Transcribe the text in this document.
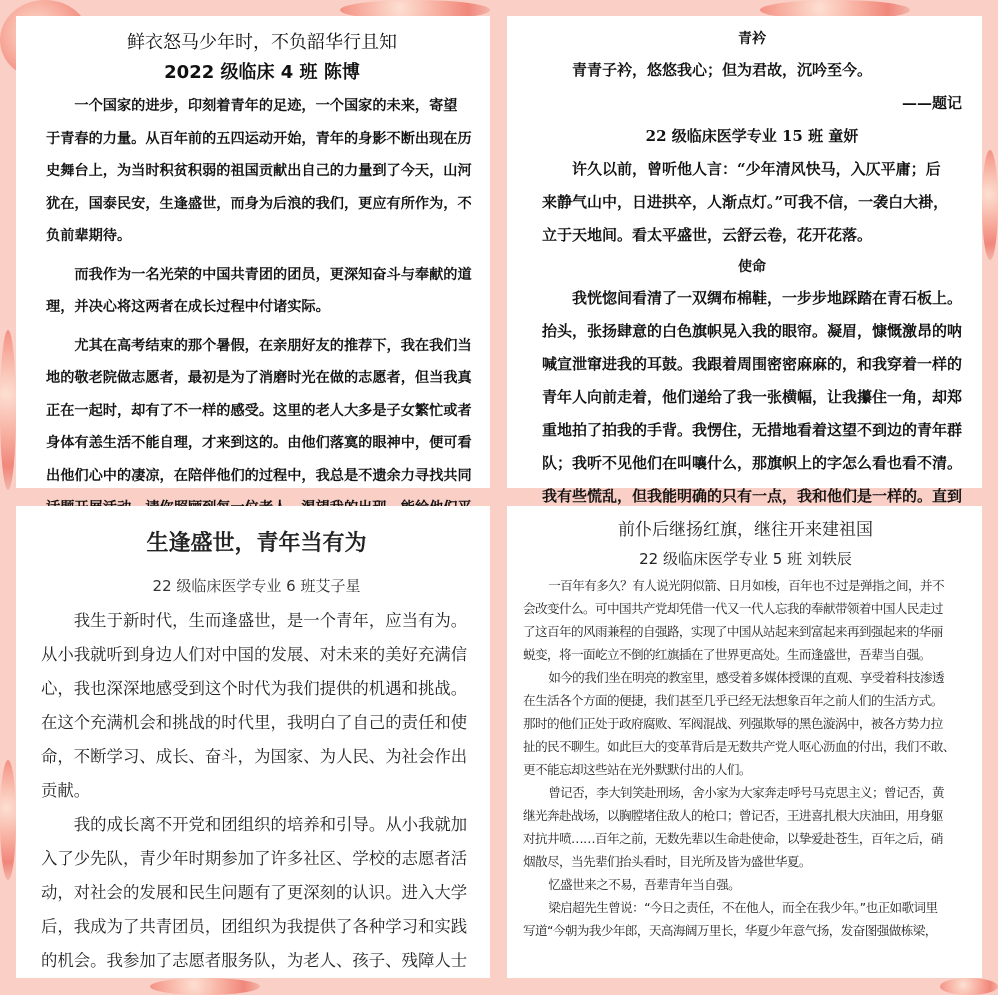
鲜衣怒马少年时，不负韶华行且知
2022 级临床 4 班 陈博
一个国家的进步，印刻着青年的足迹，一个国家的未来，寄望
于青春的力量。从百年前的五四运动开始，青年的身影不断出现在历
史舞台上，为当时积贫积弱的祖国贡献出自己的力量到了今天，山河
犹在，国泰民安，生逢盛世，而身为后浪的我们，更应有所作为，不
负前辈期待。
而我作为一名光荣的中国共青团的团员，更深知奋斗与奉献的道
理，并决心将这两者在成长过程中付诸实际。
尤其在高考结束的那个暑假，在亲朋好友的推荐下，我在我们当
地的敬老院做志愿者，最初是为了消磨时光在做的志愿者，但当我真
正在一起时，却有了不一样的感受。这里的老人大多是子女繁忙或者
身体有恙生活不能自理，才来到这的。由他们落寞的眼神中，便可看
出他们心中的凄凉，在陪伴他们的过程中，我总是不遗余力寻找共同
青衿
青青子衿，悠悠我心；但为君故，沉吟至今。
——题记
22 级临床医学专业 15 班 童妍
许久以前，曾听他人言：“少年清风快马，入仄平庸；后
来静气山中，日进拱卒，人渐点灯。”可我不信，一袭白大褂，
立于天地间。看太平盛世，云舒云卷，花开花落。
使命
我恍惚间看清了一双绸布棉鞋，一步步地踩踏在青石板上。
抬头，张扬肆意的白色旗帜晃入我的眼帘。凝眉，慷慨激昂的呐
喊宣泄窜进我的耳鼓。我跟着周围密密麻麻的，和我穿着一样的
青年人向前走着，他们递给了我一张横幅，让我攥住一角，却郑
重地拍了拍我的手背。我愣住，无措地看着这望不到边的青年群
队；我听不见他们在叫嚷什么，那旗帜上的字怎么看也看不清。
我有些慌乱，但我能明确的只有一点，我和他们是一样的。直到
生逢盛世，青年当有为
22 级临床医学专业 6 班艾子星
我生于新时代，生而逢盛世，是一个青年，应当有为。
从小我就听到身边人们对中国的发展、对未来的美好充满信
心，我也深深地感受到这个时代为我们提供的机遇和挑战。
在这个充满机会和挑战的时代里，我明白了自己的责任和使
命，不断学习、成长、奋斗，为国家、为人民、为社会作出
贡献。
我的成长离不开党和团组织的培养和引导。从小我就加
入了少先队，青少年时期参加了许多社区、学校的志愿者活
动，对社会的发展和民生问题有了更深刻的认识。进入大学
后，我成为了共青团员，团组织为我提供了各种学习和实践
的机会。我参加了志愿者服务队，为老人、孩子、残障人士
前仆后继扬红旗，继往开来建祖国
22 级临床医学专业 5 班 刘轶辰
一百年有多久？有人说光阴似箭、日月如梭，百年也不过是弹指之间，并不
会改变什么。可中国共产党却凭借一代又一代人忘我的奉献带领着中国人民走过
了这百年的风雨兼程的自强路，实现了中国从站起来到富起来再到强起来的华丽
蜕变，将一面屹立不倒的红旗插在了世界更高处。生而逢盛世，吾辈当自强。
如今的我们坐在明亮的教室里，感受着多媒体授课的直观、享受着科技渗透
在生活各个方面的便捷，我们甚至几乎已经无法想象百年之前人们的生活方式。
那时的他们正处于政府腐败、军阀混战、列强欺辱的黑色漩涡中，被各方势力拉
扯的民不聊生。如此巨大的变革背后是无数共产党人呕心沥血的付出，我们不敢、
更不能忘却这些站在光外默默付出的人们。
曾记否，李大钊笑赴刑场，舍小家为大家奔走呼号马克思主义；曾记否，黄
继光奔赴战场，以胸膛堵住敌人的枪口；曾记否，王进喜扎根大庆油田，用身躯
对抗井喷……百年之前，无数先辈以生命赴使命，以挚爱赴苍生，百年之后，硝
烟散尽，当先辈们抬头看时，目光所及皆为盛世华夏。
忆盛世来之不易，吾辈青年当自强。
梁启超先生曾说：“今日之责任，不在他人，而全在我少年。”也正如歌词里
写道“今朝为我少年郎，天高海阔万里长，华夏少年意气扬，发奋图强做栋梁，
